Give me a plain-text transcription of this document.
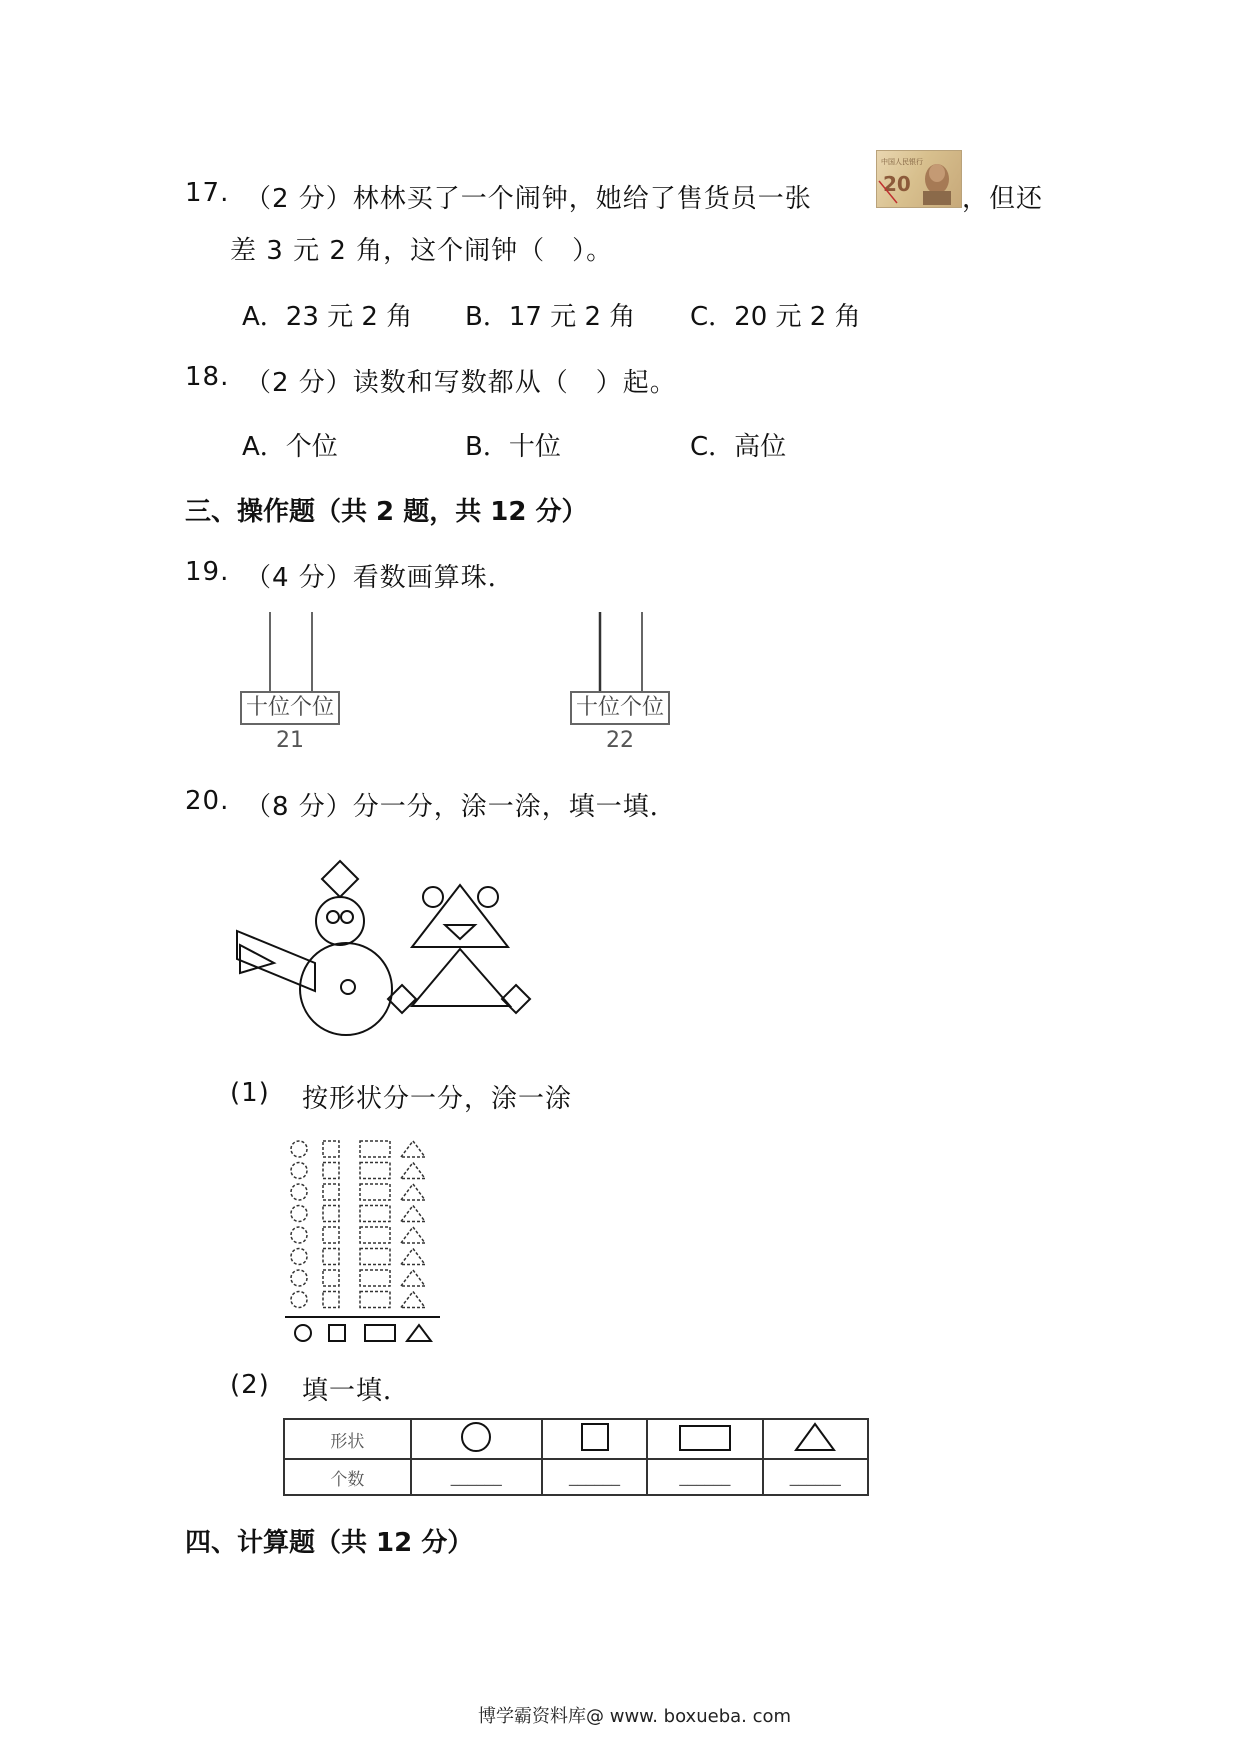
17. （2 分）林林买了一个闹钟，她给了售货员一张
中国人民银行
20 ，但还
差 3 元 2 角，这个闹钟（　）。
A．23 元 2 角 B．17 元 2 角 C．20 元 2 角
18. （2 分）读数和写数都从（　）起。
A．个位	B．十位	C．高位
三、操作题（共 2 题，共 12 分）
19. （4 分）看数画算珠．
十位个位
21
十位个位
22
20. （8 分）分一分，涂一涂，填一填．
(1) 按形状分一分，涂一涂
(2) 填一填．
形状				
个数	______	______	______	______
四、计算题（共 12 分）
博学霸资料库@ www. boxueba. com
